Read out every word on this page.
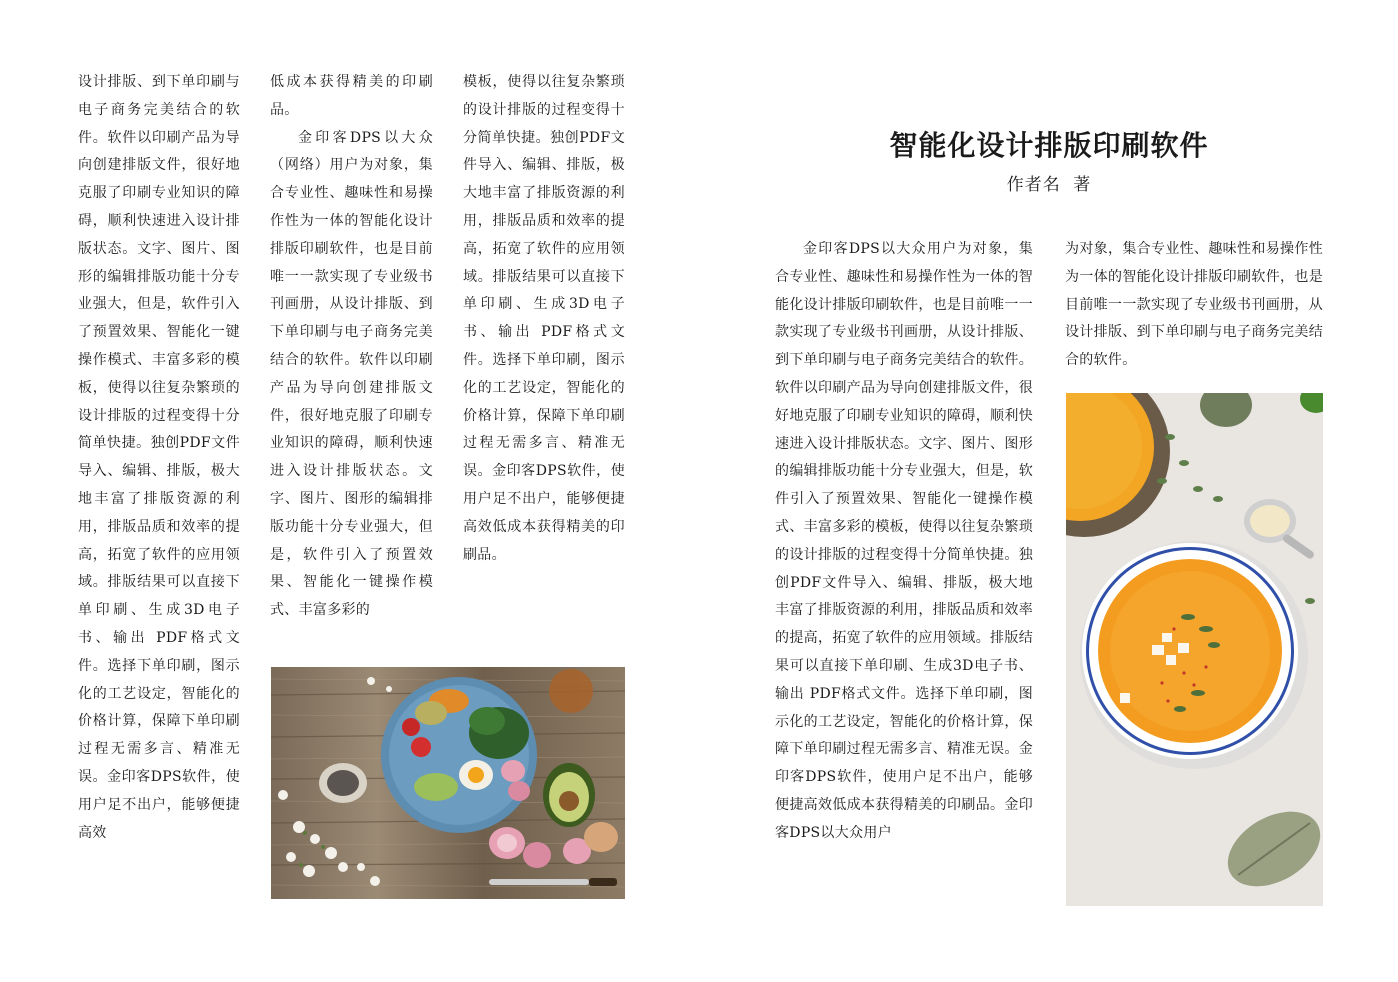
设计排版、到下单印刷与电子商务完美结合的软件。软件以印刷产品为导向创建排版文件，很好地克服了印刷专业知识的障碍，顺利快速进入设计排版状态。文字、图片、图形的编辑排版功能十分专业强大，但是，软件引入了预置效果、智能化一键操作模式、丰富多彩的模板，使得以往复杂繁琐的设计排版的过程变得十分简单快捷。独创PDF文件导入、编辑、排版，极大地丰富了排版资源的利用，排版品质和效率的提高，拓宽了软件的应用领域。排版结果可以直接下单印刷、生成3D电子书、输出 PDF格式文件。选择下单印刷，图示化的工艺设定，智能化的价格计算，保障下单印刷过程无需多言、精准无误。金印客DPS软件，使用户足不出户，能够便捷高效

低成本获得精美的印刷品。

金印客DPS以大众（网络）用户为对象，集合专业性、趣味性和易操作性为一体的智能化设计排版印刷软件，也是目前唯一一款实现了专业级书刊画册，从设计排版、到下单印刷与电子商务完美结合的软件。软件以印刷产品为导向创建排版文件，很好地克服了印刷专业知识的障碍，顺利快速进入设计排版状态。文字、图片、图形的编辑排版功能十分专业强大，但是，软件引入了预置效果、智能化一键操作模式、丰富多彩的

模板，使得以往复杂繁琐的设计排版的过程变得十分简单快捷。独创PDF文件导入、编辑、排版，极大地丰富了排版资源的利用，排版品质和效率的提高，拓宽了软件的应用领域。排版结果可以直接下单印刷、生成3D电子书、输出 PDF格式文件。选择下单印刷，图示化的工艺设定，智能化的价格计算，保障下单印刷过程无需多言、精准无误。金印客DPS软件，使用户足不出户，能够便捷高效低成本获得精美的印刷品。

智能化设计排版印刷软件

作者名 著

金印客DPS以大众用户为对象，集合专业性、趣味性和易操作性为一体的智能化设计排版印刷软件，也是目前唯一一款实现了专业级书刊画册，从设计排版、到下单印刷与电子商务完美结合的软件。软件以印刷产品为导向创建排版文件，很好地克服了印刷专业知识的障碍，顺利快速进入设计排版状态。文字、图片、图形的编辑排版功能十分专业强大，但是，软件引入了预置效果、智能化一键操作模式、丰富多彩的模板，使得以往复杂繁琐的设计排版的过程变得十分简单快捷。独创PDF文件导入、编辑、排版，极大地丰富了排版资源的利用，排版品质和效率的提高，拓宽了软件的应用领域。排版结果可以直接下单印刷、生成3D电子书、输出 PDF格式文件。选择下单印刷，图示化的工艺设定，智能化的价格计算，保障下单印刷过程无需多言、精准无误。金印客DPS软件，使用户足不出户，能够便捷高效低成本获得精美的印刷品。金印客DPS以大众用户

为对象，集合专业性、趣味性和易操作性为一体的智能化设计排版印刷软件，也是目前唯一一款实现了专业级书刊画册，从设计排版、到下单印刷与电子商务完美结合的软件。
